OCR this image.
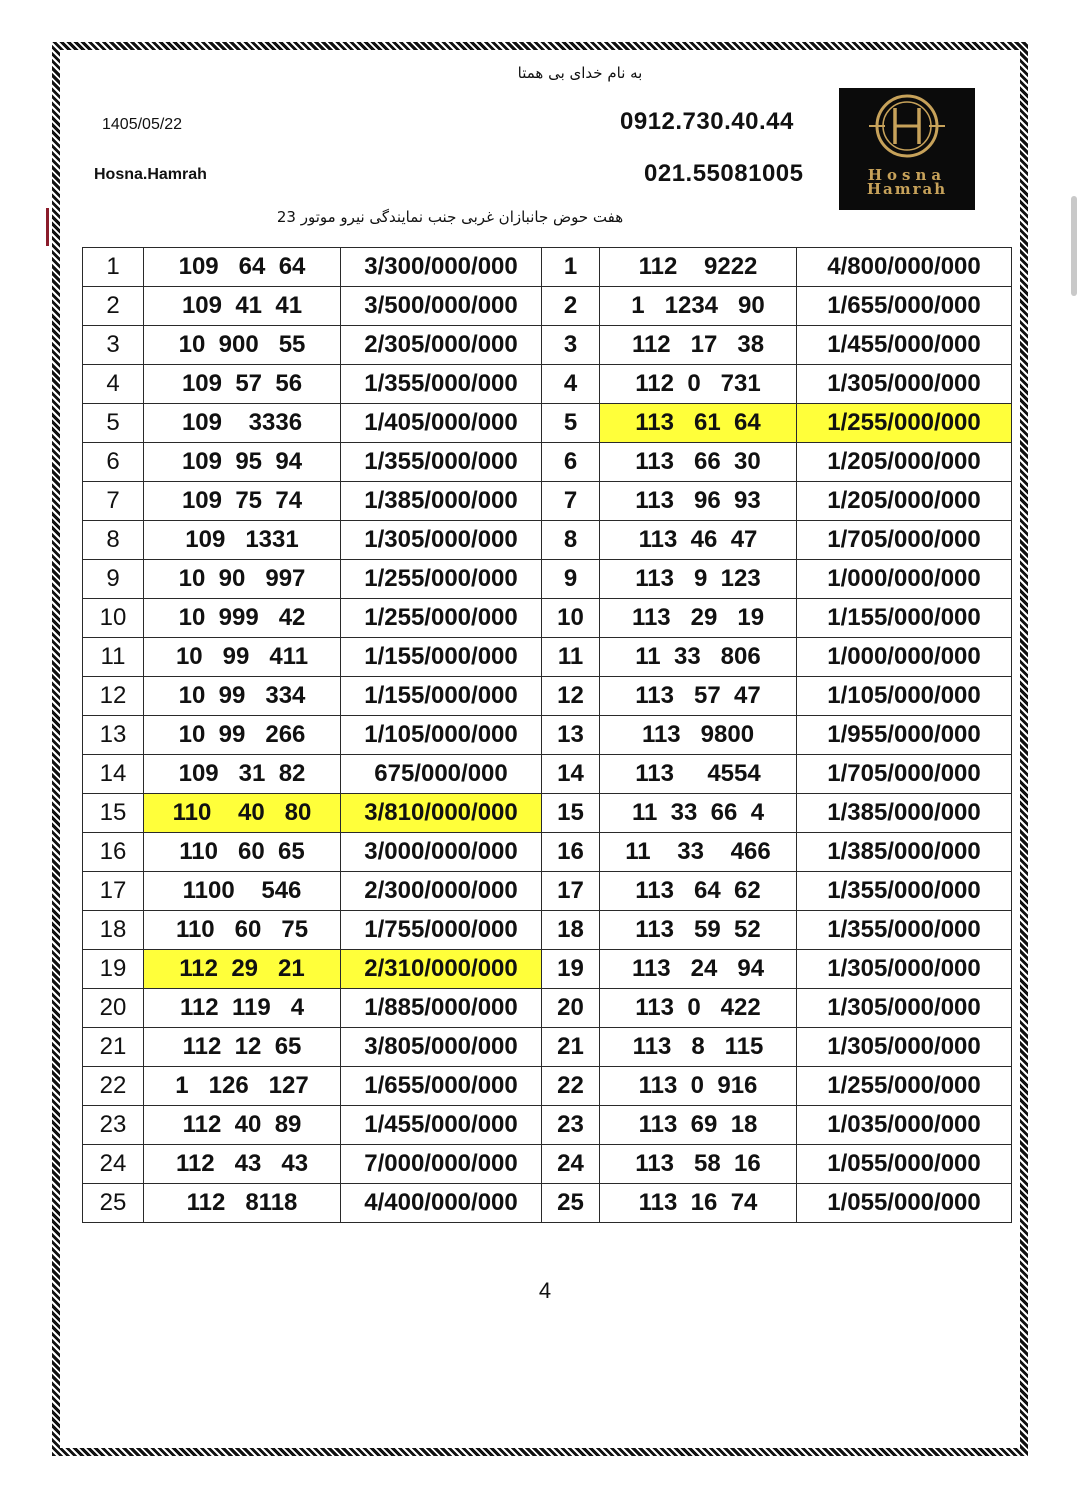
به نام خدای بی همتا
1405/05/22
Hosna.Hamrah
0912.730.40.44
021.55081005	Hosna
Hamrah
هفت حوض جانبازان غربی جنب نمایندگی نیرو موتور 23
1	109   64  64	3/300/000/000	1	112    9222	4/800/000/000
2	109  41  41	3/500/000/000	2	1   1234   90	1/655/000/000
3	10  900   55	2/305/000/000	3	112   17   38	1/455/000/000
4	109  57  56	1/355/000/000	4	112  0   731	1/305/000/000
5	109    3336	1/405/000/000	5	113   61  64	1/255/000/000
6	109  95  94	1/355/000/000	6	113   66  30	1/205/000/000
7	109  75  74	1/385/000/000	7	113   96  93	1/205/000/000
8	109   1331	1/305/000/000	8	113  46  47	1/705/000/000
9	10  90   997	1/255/000/000	9	113   9  123	1/000/000/000
10	10  999   42	1/255/000/000	10	113   29   19	1/155/000/000
11	10   99   411	1/155/000/000	11	11  33   806	1/000/000/000
12	10  99   334	1/155/000/000	12	113   57  47	1/105/000/000
13	10  99   266	1/105/000/000	13	113   9800	1/955/000/000
14	109   31  82	675/000/000	14	113     4554	1/705/000/000
15	110    40   80	3/810/000/000	15	11  33  66  4	1/385/000/000
16	110   60  65	3/000/000/000	16	11    33    466	1/385/000/000
17	1100    546	2/300/000/000	17	113   64  62	1/355/000/000
18	110   60   75	1/755/000/000	18	113   59  52	1/355/000/000
19	112  29   21	2/310/000/000	19	113   24   94	1/305/000/000
20	112  119   4	1/885/000/000	20	113  0   422	1/305/000/000
21	112  12  65	3/805/000/000	21	113   8   115	1/305/000/000
22	1   126   127	1/655/000/000	22	113  0  916	1/255/000/000
23	112  40  89	1/455/000/000	23	113  69  18	1/035/000/000
24	112   43   43	7/000/000/000	24	113   58  16	1/055/000/000
25	112   8118	4/400/000/000	25	113  16  74	1/055/000/000
4
